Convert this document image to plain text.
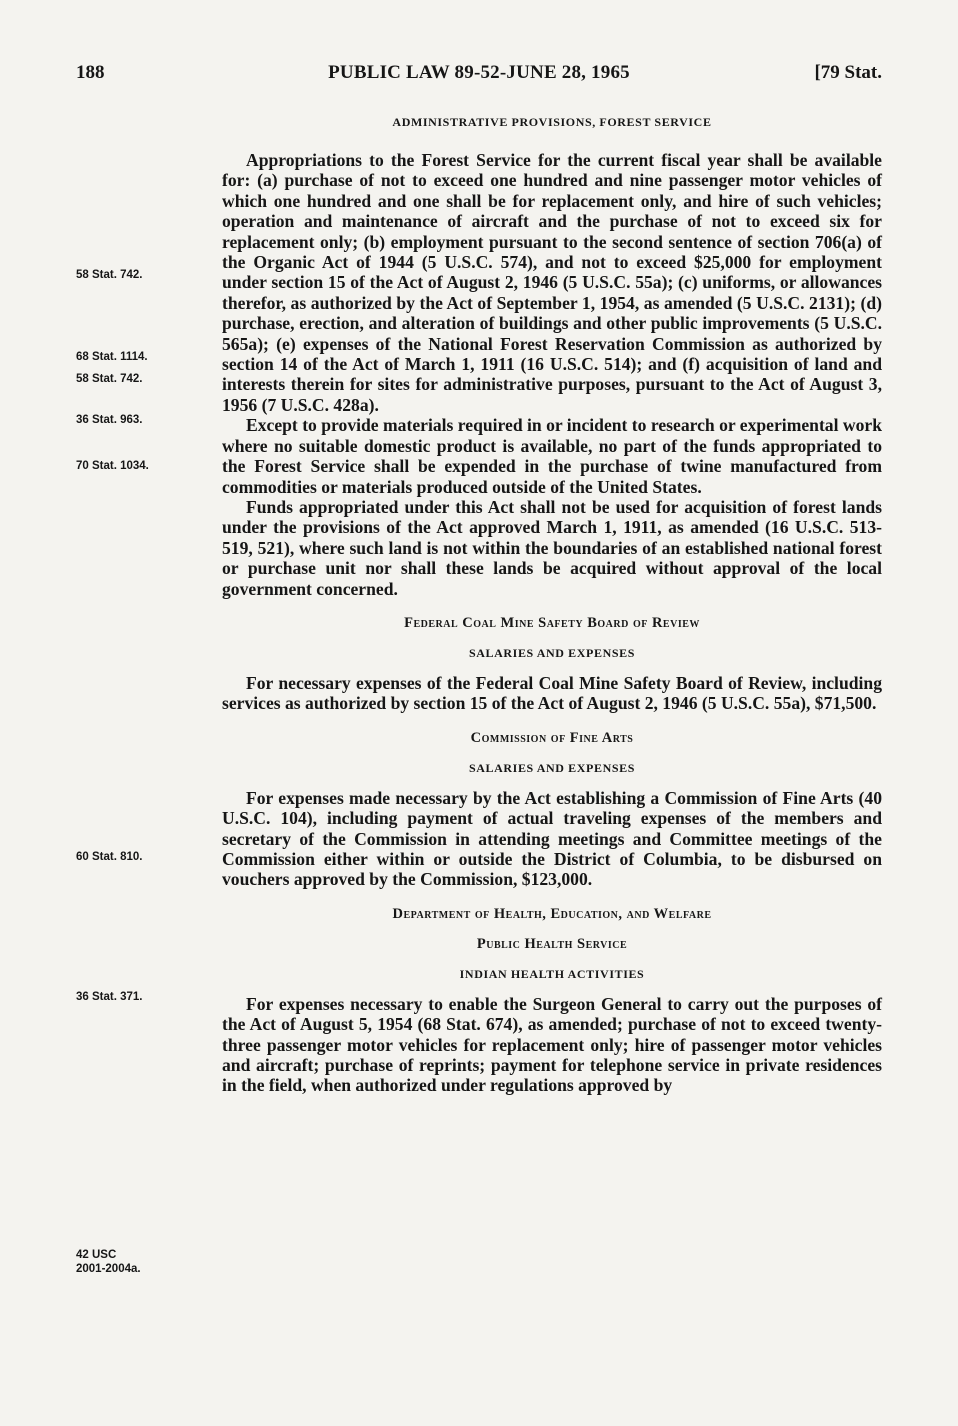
188	PUBLIC LAW 89-52-JUNE 28, 1965	[79 Stat.
58 Stat. 742.
68 Stat. 1114.
58 Stat. 742.
36 Stat. 963.
70 Stat. 1034.
60 Stat. 810.
36 Stat. 371.
42 USC 2001-2004a.
ADMINISTRATIVE PROVISIONS, FOREST SERVICE

Appropriations to the Forest Service for the current fiscal year shall be available for: (a) purchase of not to exceed one hundred and nine passenger motor vehicles of which one hundred and one shall be for replacement only, and hire of such vehicles; operation and maintenance of aircraft and the purchase of not to exceed six for replacement only; (b) employment pursuant to the second sentence of section 706(a) of the Organic Act of 1944 (5 U.S.C. 574), and not to exceed $25,000 for employment under section 15 of the Act of August 2, 1946 (5 U.S.C. 55a); (c) uniforms, or allowances therefor, as authorized by the Act of September 1, 1954, as amended (5 U.S.C. 2131); (d) purchase, erection, and alteration of buildings and other public improvements (5 U.S.C. 565a); (e) expenses of the National Forest Reservation Commission as authorized by section 14 of the Act of March 1, 1911 (16 U.S.C. 514); and (f) acquisition of land and interests therein for sites for administrative purposes, pursuant to the Act of August 3, 1956 (7 U.S.C. 428a).

Except to provide materials required in or incident to research or experimental work where no suitable domestic product is available, no part of the funds appropriated to the Forest Service shall be expended in the purchase of twine manufactured from commodities or materials produced outside of the United States.

Funds appropriated under this Act shall not be used for acquisition of forest lands under the provisions of the Act approved March 1, 1911, as amended (16 U.S.C. 513-519, 521), where such land is not within the boundaries of an established national forest or purchase unit nor shall these lands be acquired without approval of the local government concerned.

Federal Coal Mine Safety Board of Review
SALARIES AND EXPENSES

For necessary expenses of the Federal Coal Mine Safety Board of Review, including services as authorized by section 15 of the Act of August 2, 1946 (5 U.S.C. 55a), $71,500.

Commission of Fine Arts
SALARIES AND EXPENSES

For expenses made necessary by the Act establishing a Commission of Fine Arts (40 U.S.C. 104), including payment of actual traveling expenses of the members and secretary of the Commission in attending meetings and Committee meetings of the Commission either within or outside the District of Columbia, to be disbursed on vouchers approved by the Commission, $123,000.

Department of Health, Education, and Welfare
Public Health Service
INDIAN HEALTH ACTIVITIES

For expenses necessary to enable the Surgeon General to carry out the purposes of the Act of August 5, 1954 (68 Stat. 674), as amended; purchase of not to exceed twenty-three passenger motor vehicles for replacement only; hire of passenger motor vehicles and aircraft; purchase of reprints; payment for telephone service in private residences in the field, when authorized under regulations approved by
